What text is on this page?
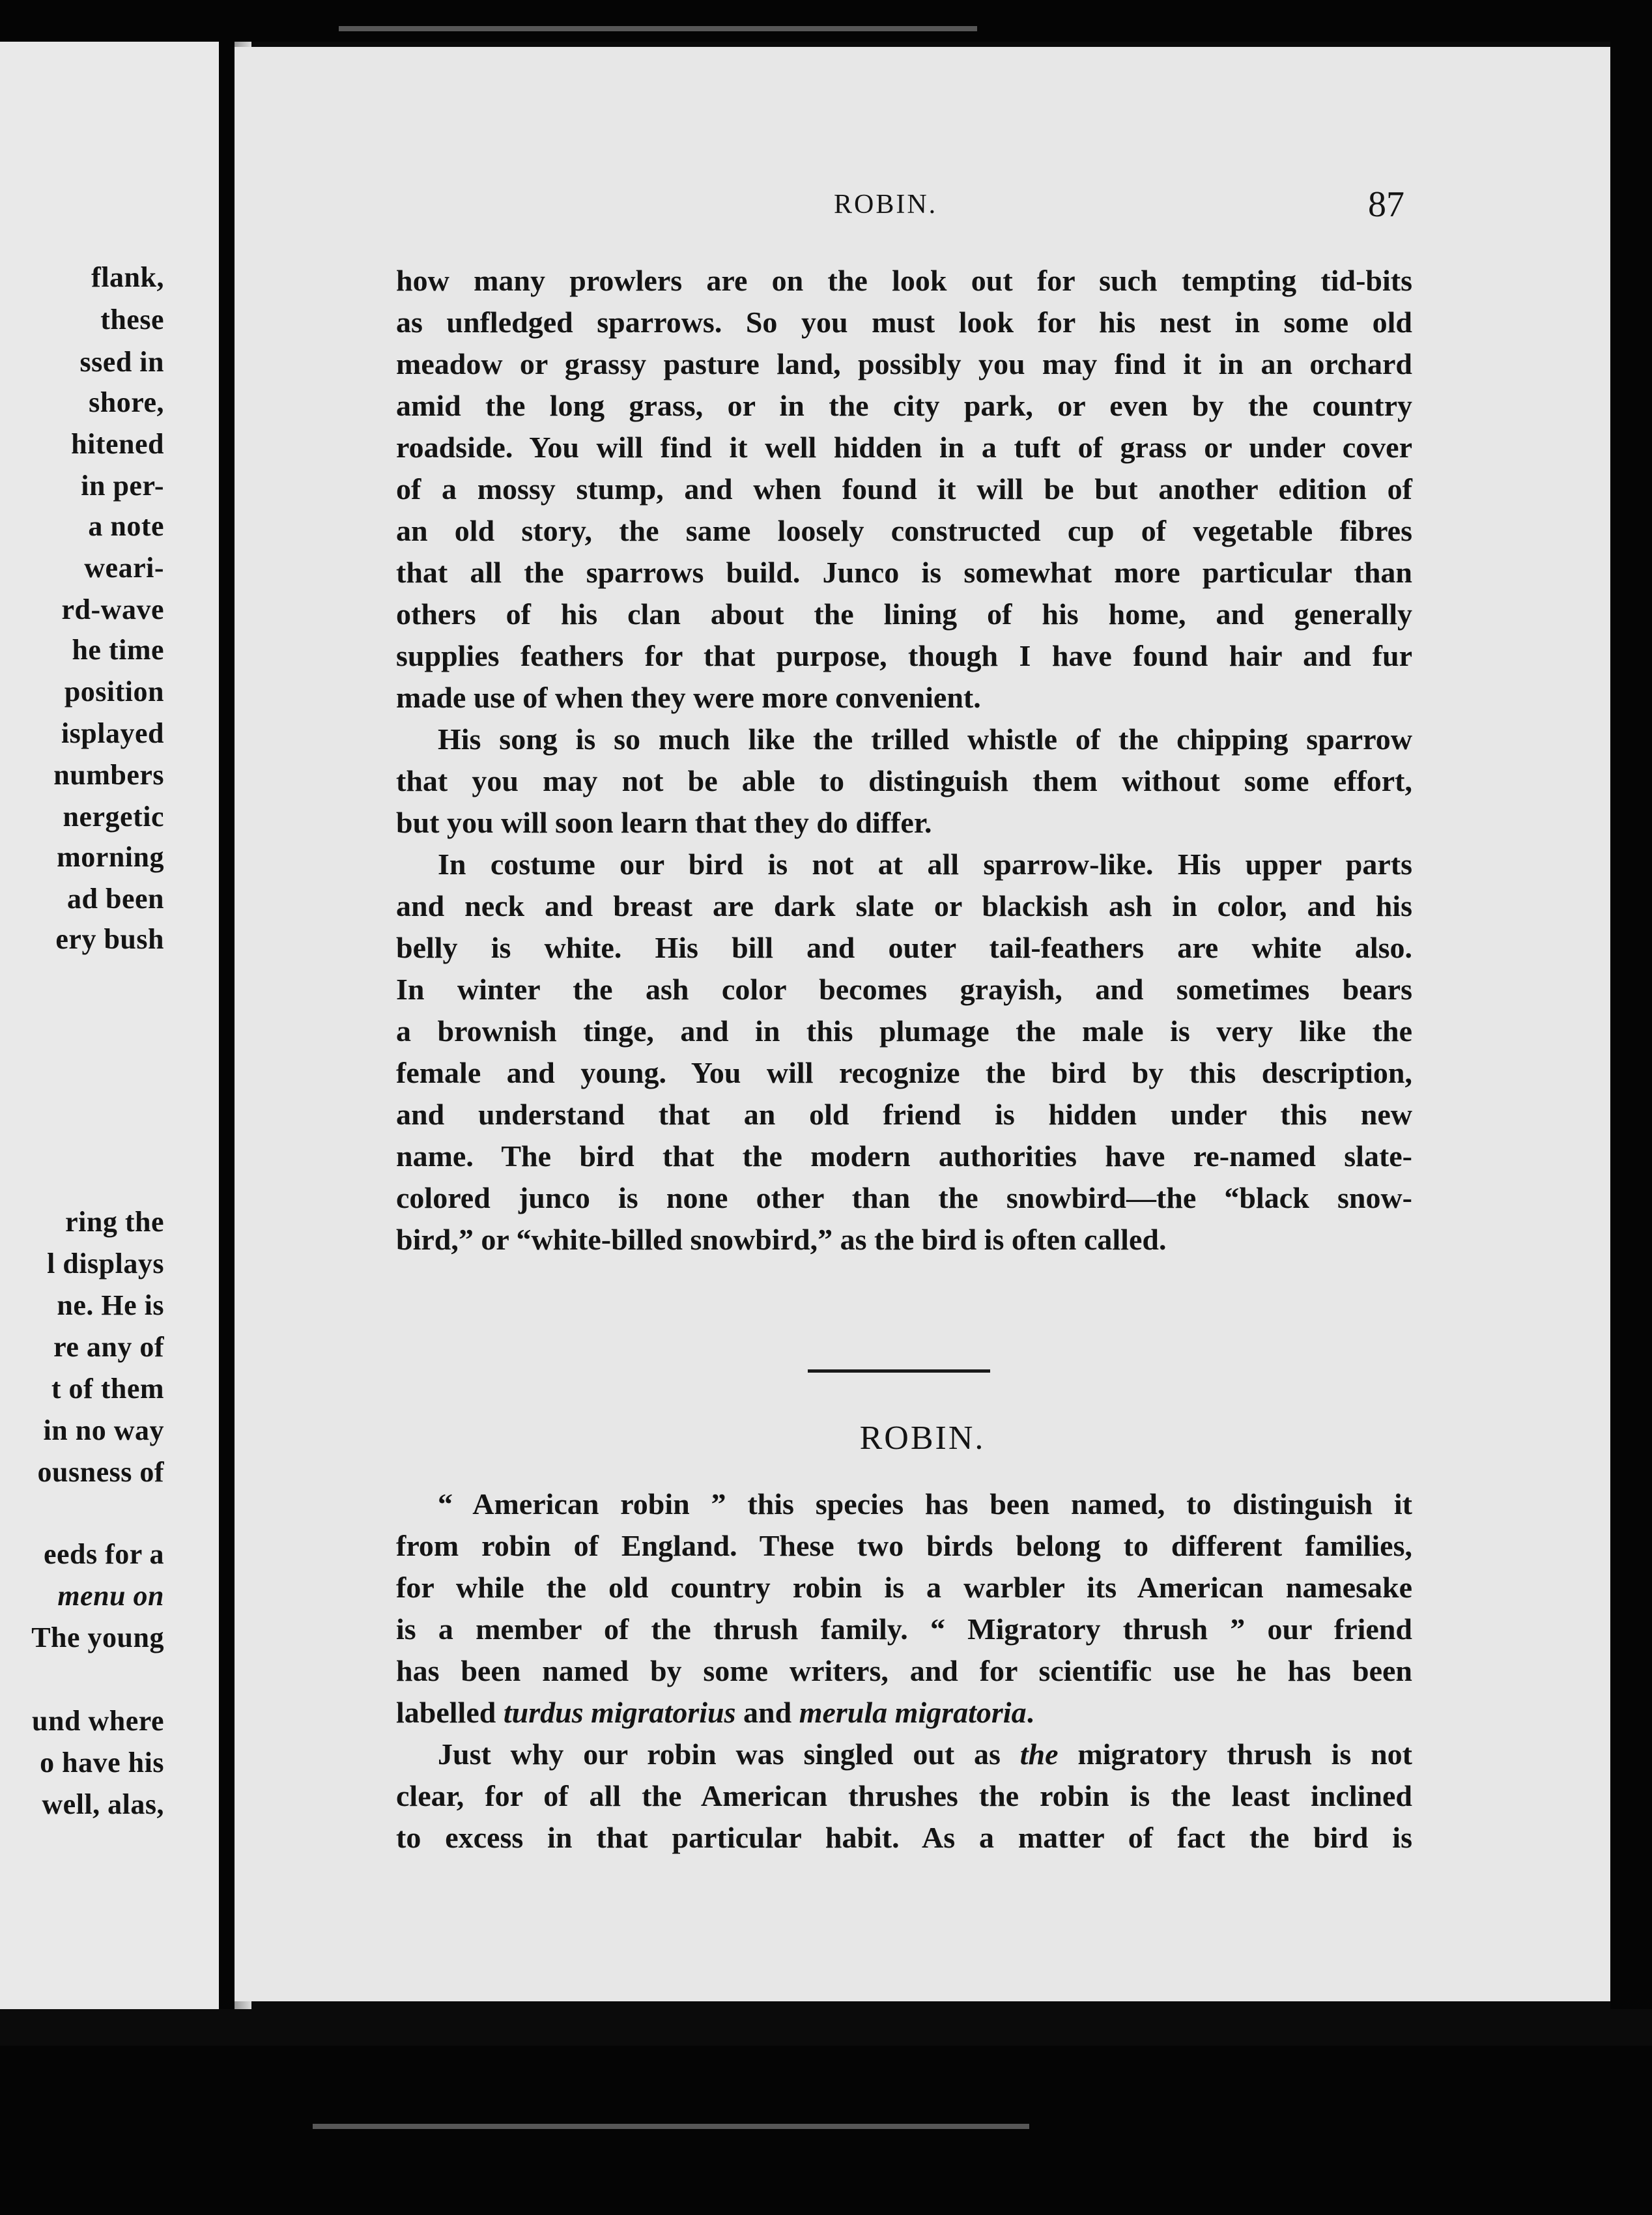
flank,
these
ssed in
shore,
hitened
in per-
a note
weari-
rd-wave
he time
position
isplayed
numbers
nergetic
morning
ad been
ery bush
ring the
l displays
ne. He is
re any of
t of them
in no way
ousness of
eeds for a
menu on
The young
und where
o have his
well, alas,
ROBIN.	87
how many prowlers are on the look out for such tempting tid-bits
as unfledged sparrows. So you must look for his nest in some old
meadow or grassy pasture land, possibly you may find it in an orchard
amid the long grass, or in the city park, or even by the country
roadside. You will find it well hidden in a tuft of grass or under cover
of a mossy stump, and when found it will be but another edition of
an old story, the same loosely constructed cup of vegetable fibres
that all the sparrows build. Junco is somewhat more particular than
others of his clan about the lining of his home, and generally
supplies feathers for that purpose, though I have found hair and fur
made use of when they were more convenient.
His song is so much like the trilled whistle of the chipping sparrow
that you may not be able to distinguish them without some effort,
but you will soon learn that they do differ.
In costume our bird is not at all sparrow-like. His upper parts
and neck and breast are dark slate or blackish ash in color, and his
belly is white. His bill and outer tail-feathers are white also.
In winter the ash color becomes grayish, and sometimes bears
a brownish tinge, and in this plumage the male is very like the
female and young. You will recognize the bird by this description,
and understand that an old friend is hidden under this new
name. The bird that the modern authorities have re-named slate-
colored junco is none other than the snowbird—the “black snow-
bird,” or “white-billed snowbird,” as the bird is often called.
ROBIN.
“ American robin ” this species has been named, to distinguish it
from robin of England. These two birds belong to different families,
for while the old country robin is a warbler its American namesake
is a member of the thrush family. “ Migratory thrush ” our friend
has been named by some writers, and for scientific use he has been
labelled turdus migratorius and merula migratoria.
Just why our robin was singled out as the migratory thrush is not
clear, for of all the American thrushes the robin is the least inclined
to excess in that particular habit. As a matter of fact the bird is
